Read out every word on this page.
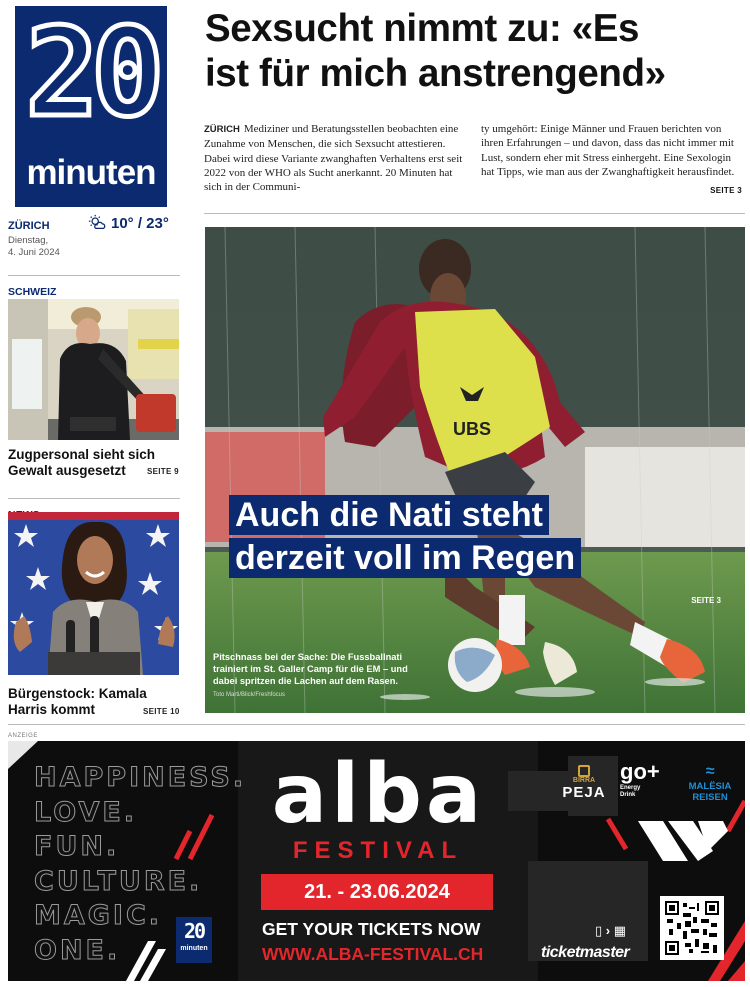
20
minuten
ZÜRICH
Dienstag,
4. Juni 2024
10° / 23°
SCHWEIZ
Zugpersonal sieht sich
Gewalt ausgesetzt	SEITE 9
Bürgenstock: Kamala
Harris kommt	SEITE 10
Sexsucht nimmt zu: «Es
ist für mich anstrengend»
ZÜRICH Mediziner und Beratungsstellen beobachten eine Zunahme von Menschen, die sich Sexsucht attestieren. Dabei wird diese Variante zwanghaften Verhaltens erst seit 2022 von der WHO als Sucht anerkannt. 20 Minuten hat sich in der Communi-
ty umgehört: Einige Männer und Frauen berichten von ihren Erfahrungen – und davon, dass das nicht immer mit Lust, sondern eher mit Stress einhergeht. Eine Sexologin hat Tipps, wie man aus der Zwanghaftigkeit herausfindet.
SEITE 3
UBS
Auch die Nati steht
derzeit voll im Regen
SEITE 3
Pitschnass bei der Sache: Die Fussballnati trainiert im St. Galler Camp für die EM – und dabei spritzen die Lachen auf dem Rasen.
Toto Marti/Blick/Freshfocus
ANZEIGE
HAPPINESS.
LOVE.
FUN.
CULTURE.
MAGIC.
ONE.
20
minuten
alba
FESTIVAL
21. - 23.06.2024
GET YOUR TICKETS NOW
WWW.ALBA-FESTIVAL.CH
BIRRA
PEJA
go+
Energy Drink
≈
MALËSIA REISEN
▯ › ▦
ticketmaster
